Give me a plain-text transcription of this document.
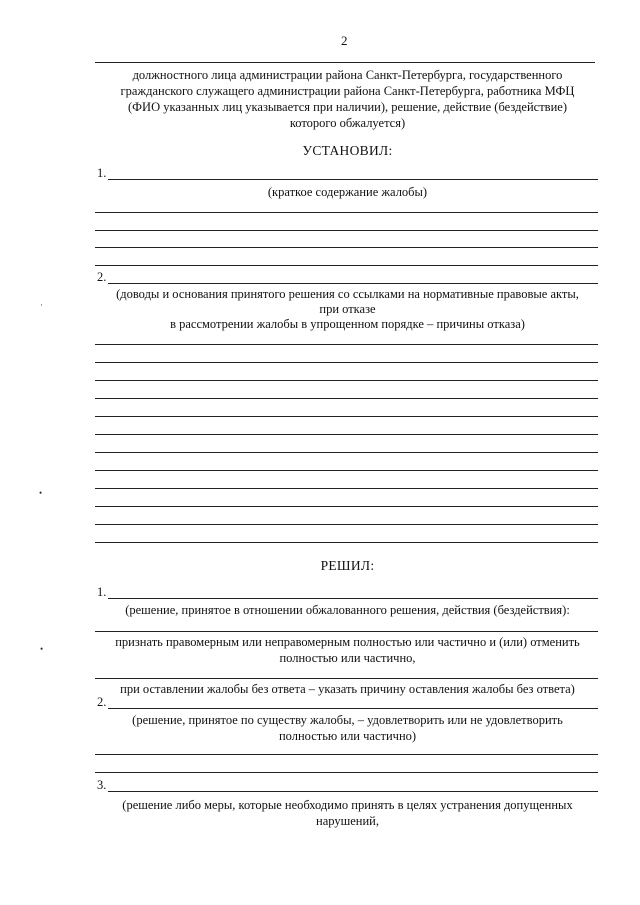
2
должностного лица администрации района Санкт-Петербурга, государственного
гражданского служащего администрации района Санкт-Петербурга, работника МФЦ
(ФИО указанных лиц указывается при наличии), решение, действие (бездействие)
которого обжалуется)
УСТАНОВИЛ:
1.
(краткое содержание жалобы)
2.
(доводы и основания принятого решения со ссылками на нормативные правовые акты,
при отказе
в рассмотрении жалобы в упрощенном порядке – причины отказа)
РЕШИЛ:
1.
(решение, принятое в отношении обжалованного решения, действия (бездействия):
признать правомерным или неправомерным полностью или частично и (или) отменить
полностью или частично,
при оставлении жалобы без ответа – указать причину оставления жалобы без ответа)
2.
(решение, принятое по существу жалобы, – удовлетворить или не удовлетворить
полностью или частично)
3.
(решение либо меры, которые необходимо принять в целях устранения допущенных
нарушений,
·
•
•
